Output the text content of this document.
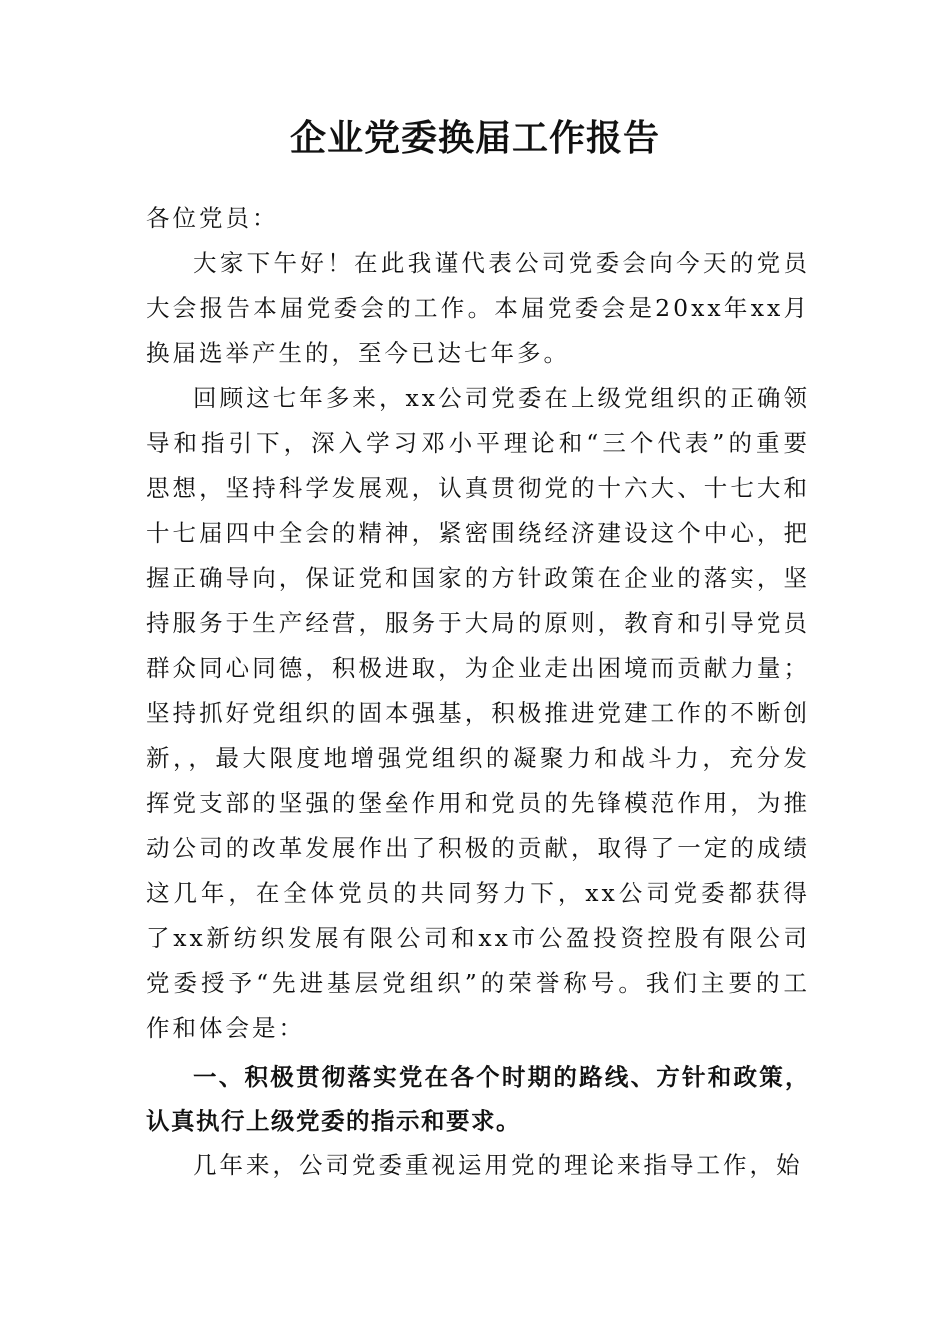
企业党委换届工作报告

各位党员：

大家下午好！在此我谨代表公司党委会向今天的党员大会报告本届党委会的工作。本届党委会是20xx年xx月换届选举产生的，至今已达七年多。

回顾这七年多来，xx公司党委在上级党组织的正确领导和指引下，深入学习邓小平理论和“三个代表”的重要思想，坚持科学发展观，认真贯彻党的十六大、十七大和十七届四中全会的精神，紧密围绕经济建设这个中心，把握正确导向，保证党和国家的方针政策在企业的落实，坚持服务于生产经营，服务于大局的原则，教育和引导党员群众同心同德，积极进取，为企业走出困境而贡献力量；坚持抓好党组织的固本强基，积极推进党建工作的不断创新，，最大限度地增强党组织的凝聚力和战斗力，充分发挥党支部的坚强的堡垒作用和党员的先锋模范作用，为推动公司的改革发展作出了积极的贡献，取得了一定的成绩这几年，在全体党员的共同努力下，xx公司党委都获得了xx新纺织发展有限公司和xx市公盈投资控股有限公司党委授予“先进基层党组织”的荣誉称号。我们主要的工作和体会是：

一、积极贯彻落实党在各个时期的路线、方针和政策，认真执行上级党委的指示和要求。

几年来，公司党委重视运用党的理论来指导工作，始
